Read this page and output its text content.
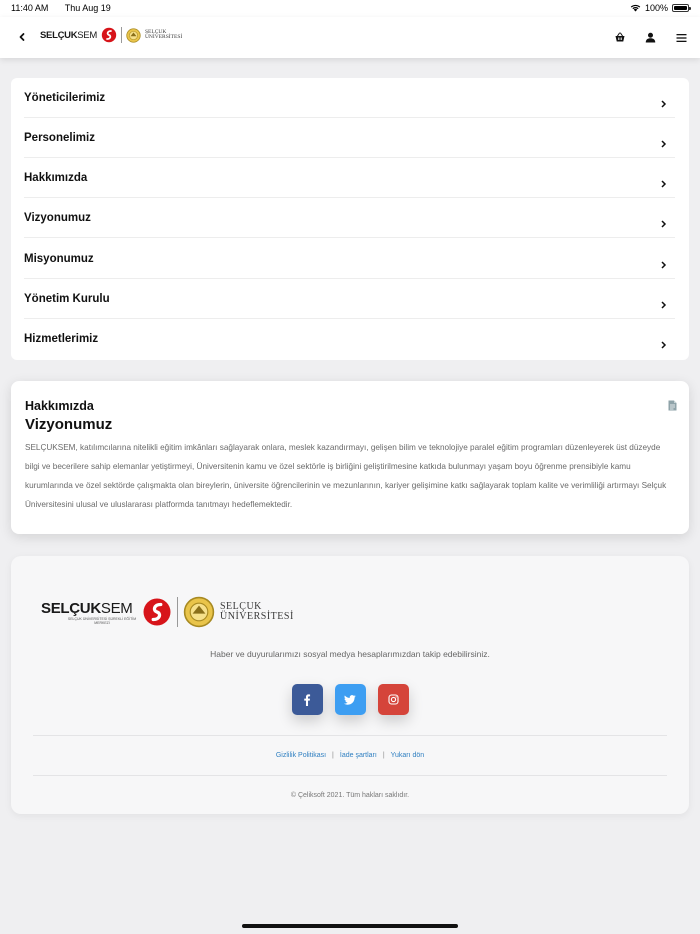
11:40 AM Thu Aug 19	100%
SELÇUKSEM	SELÇUK
ÜNİVERSİTESİ
Yöneticilerimiz
Personelimiz
Hakkımızda
Vizyonumuz
Misyonumuz
Yönetim Kurulu
Hizmetlerimiz
Hakkımızda
Vizyonumuz

SELÇUKSEM, katılımcılarına nitelikli eğitim imkânları sağlayarak onlara, meslek kazandırmayı, gelişen bilim ve teknolojiye paralel eğitim programları düzenleyerek üst düzeyde bilgi ve becerilere sahip elemanlar yetiştirmeyi, Üniversitenin kamu ve özel sektörle iş birliğini geliştirilmesine katkıda bulunmayı yaşam boyu öğrenme prensibiyle kamu kurumlarında ve özel sektörde çalışmakta olan bireylerin, üniversite öğrencilerinin ve mezunlarının, kariyer gelişimine katkı sağlayarak toplam kalite ve verimliliği artırmayı Selçuk Üniversitesini ulusal ve uluslararası platformda tanıtmayı hedeflemektedir.

SELÇUKSEM
SELÇUK ÜNİVERSİTESİ SÜREKLİ EĞİTİM MERKEZİ
SELÇUK
ÜNİVERSİTESİ
Haber ve duyurularımızı sosyal medya hesaplarımızdan takip edebilirsiniz.
Gizlilik Politikası | İade şartları | Yukarı dön
© Çeliksoft 2021. Tüm hakları saklıdır.
